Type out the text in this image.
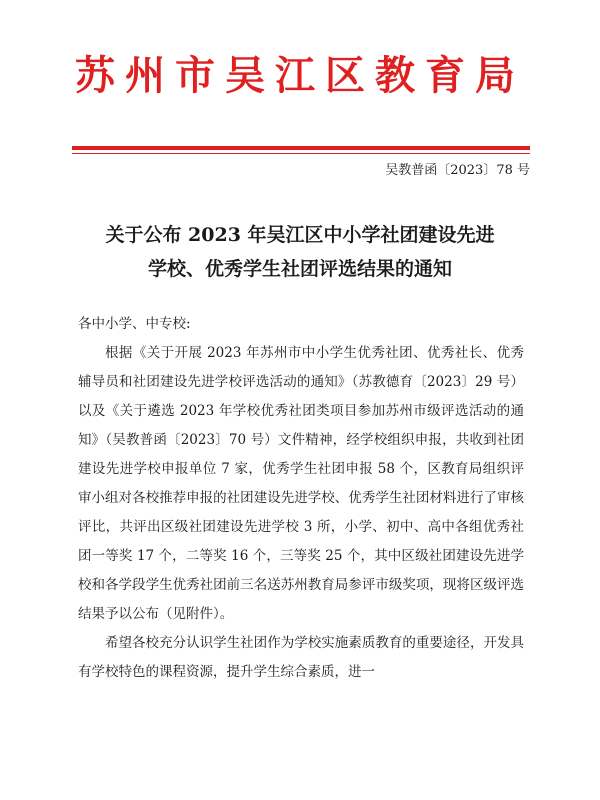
苏州市吴江区教育局
吴教普函〔2023〕78 号
关于公布 2023 年吴江区中小学社团建设先进
学校、优秀学生社团评选结果的通知
各中小学、中专校:

根据《关于开展 2023 年苏州市中小学生优秀社团、优秀社长、优秀辅导员和社团建设先进学校评选活动的通知》（苏教德育〔2023〕29 号）以及《关于遴选 2023 年学校优秀社团类项目参加苏州市级评选活动的通知》（吴教普函〔2023〕70 号）文件精神，经学校组织申报，共收到社团建设先进学校申报单位 7 家，优秀学生社团申报 58 个，区教育局组织评审小组对各校推荐申报的社团建设先进学校、优秀学生社团材料进行了审核评比，共评出区级社团建设先进学校 3 所，小学、初中、高中各组优秀社团一等奖 17 个，二等奖 16 个，三等奖 25 个，其中区级社团建设先进学校和各学段学生优秀社团前三名送苏州教育局参评市级奖项，现将区级评选结果予以公布（见附件）。

希望各校充分认识学生社团作为学校实施素质教育的重要途径，开发具有学校特色的课程资源，提升学生综合素质，进一
